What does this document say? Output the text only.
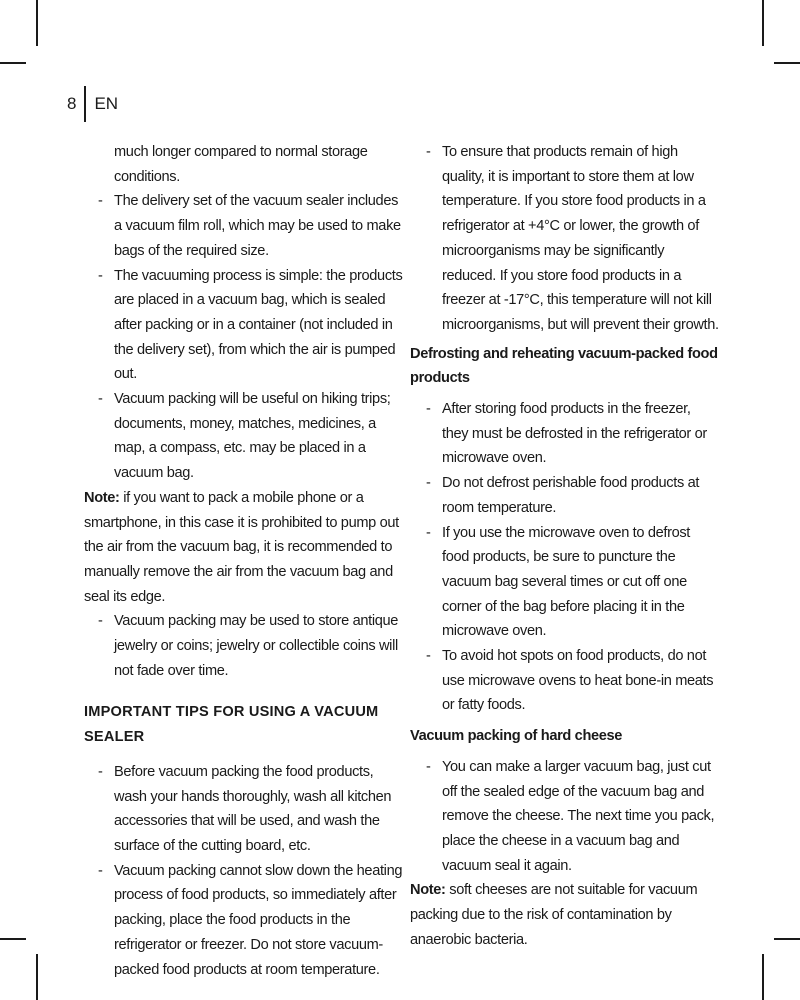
8 EN
much longer compared to normal storage conditions.
- The delivery set of the vacuum sealer includes a vacuum film roll, which may be used to make bags of the required size.
- The vacuuming process is simple: the products are placed in a vacuum bag, which is sealed after packing or in a container (not included in the delivery set), from which the air is pumped out.
- Vacuum packing will be useful on hiking trips; documents, money, matches, medicines, a map, a compass, etc. may be placed in a vacuum bag.

Note: if you want to pack a mobile phone or a smartphone, in this case it is prohibited to pump out the air from the vacuum bag, it is recommended to manually remove the air from the vacuum bag and seal its edge.

- Vacuum packing may be used to store antique jewelry or coins; jewelry or collectible coins will not fade over time.
IMPORTANT TIPS FOR USING A VACUUM SEALER
- Before vacuum packing the food products, wash your hands thoroughly, wash all kitchen accessories that will be used, and wash the surface of the cutting board, etc.
- Vacuum packing cannot slow down the heating process of food products, so immediately after packing, place the food products in the refrigerator or freezer. Do not store vacuum-packed food products at room temperature.
- To ensure that products remain of high quality, it is important to store them at low temperature. If you store food products in a refrigerator at +4°C or lower, the growth of microorganisms may be significantly reduced. If you store food products in a freezer at -17°C, this temperature will not kill microorganisms, but will prevent their growth.
Defrosting and reheating vacuum-packed food products
- After storing food products in the freezer, they must be defrosted in the refrigerator or microwave oven.
- Do not defrost perishable food products at room temperature.
- If you use the microwave oven to defrost food products, be sure to puncture the vacuum bag several times or cut off one corner of the bag before placing it in the microwave oven.
- To avoid hot spots on food products, do not use microwave ovens to heat bone-in meats or fatty foods.
Vacuum packing of hard cheese
- You can make a larger vacuum bag, just cut off the sealed edge of the vacuum bag and remove the cheese. The next time you pack, place the cheese in a vacuum bag and vacuum seal it again.

Note: soft cheeses are not suitable for vacuum packing due to the risk of contamination by anaerobic bacteria.
